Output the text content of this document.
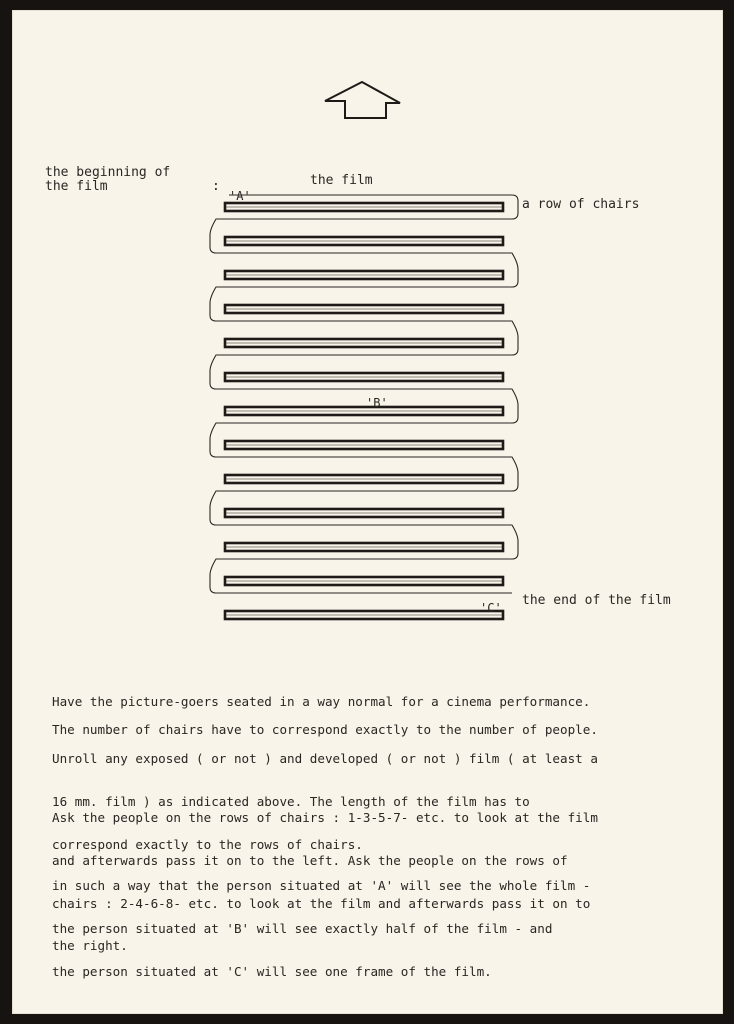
'A'
'B'
'C'
the beginning of
the film	:	the film
a row of chairs
the end of the film

Have the picture-goers seated in a way normal for a cinema performance.

The number of chairs have to correspond exactly to the number of people.

Unroll any exposed ( or not ) and developed ( or not ) film ( at least a

16 mm. film ) as indicated above. The length of the film has to

correspond exactly to the rows of chairs.

Ask the people on the rows of chairs : 1-3-5-7- etc. to look at the film

and afterwards pass it on to the left. Ask the people on the rows of

chairs : 2-4-6-8- etc. to look at the film and afterwards pass it on to

the right.

in such a way that the person situated at 'A' will see the whole film -

the person situated at 'B' will see exactly half of the film - and

the person situated at 'C' will see one frame of the film.
